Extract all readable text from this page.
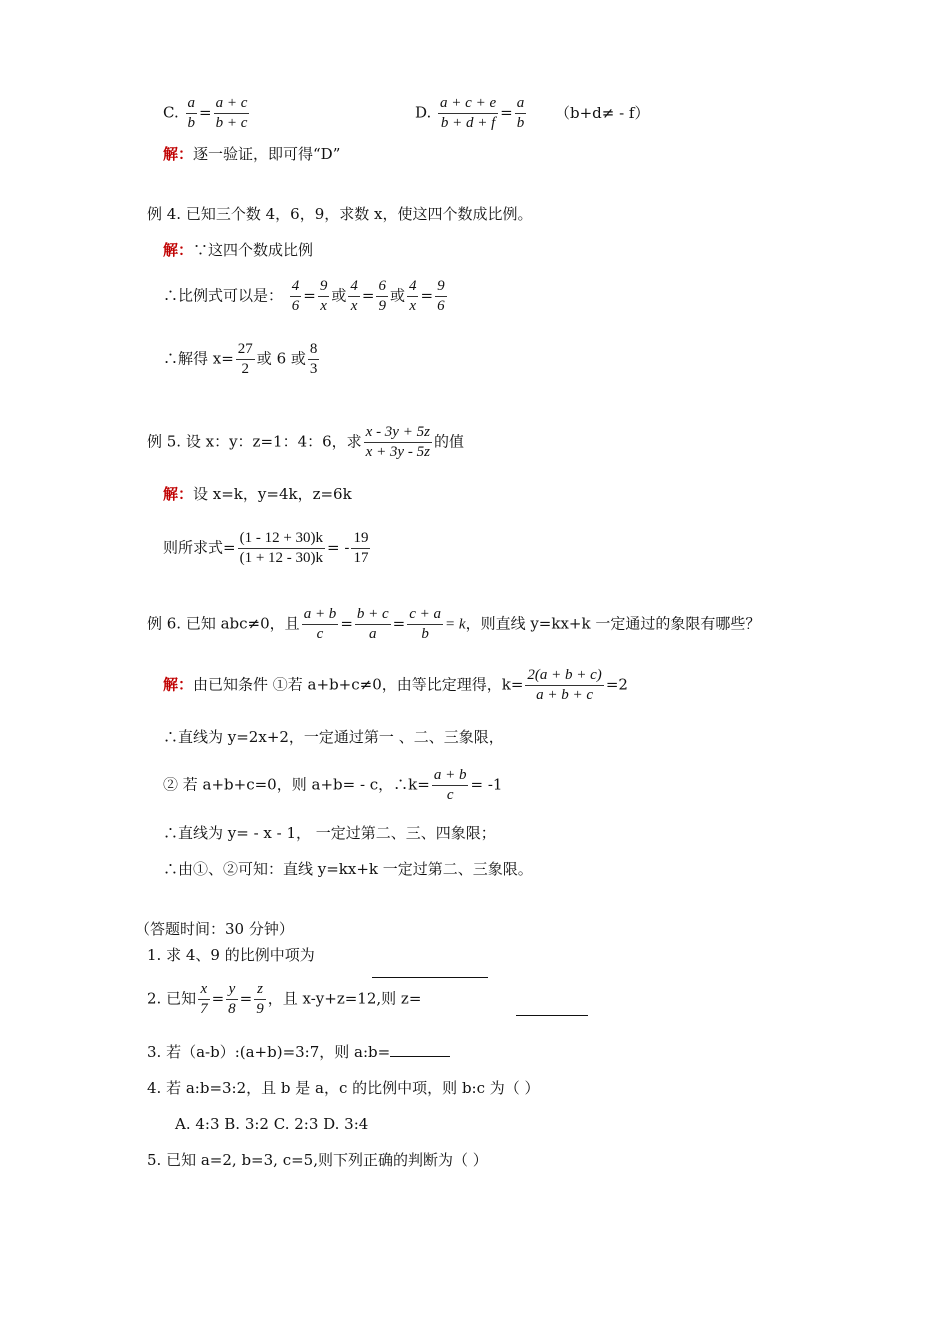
C. $\frac{a}{b} = \frac{a + c}{b + c}$	D. $\frac{a + c + e}{b + d + f} = \frac{a}{b} (b+d\ne - f)$
解：逐一验证，即可得“D”
例 4. 已知三个数 4，6，9，求数 x，使这四个数成比例。
解：∵这四个数成比例
∴比例式可以是： $\frac{4}{6} = \frac{9}{x}$ 或 $\frac{4}{x} = \frac{6}{9}$ 或 $\frac{4}{x} = \frac{9}{6}$
∴解得 $x= \frac{27}{2}$ 或 6 或 $\frac{8}{3}$
例 5. 设 x：y：z=1：4：6，求 $\frac{x - 3y + 5z}{x + 3y - 5z}$ 的值
解：设 x=k，y=4k，z=6k
则所求式= $\frac{(1 - 12 + 30)k}{(1 + 12 - 30)k}$ = - $\frac{19}{17}$
例 6. 已知 abc≠0，且 $\frac{a + b}{c} = \frac{b + c}{a} = \frac{c + a}{b} = k$，则直线 y=kx+k 一定通过的象限有哪些？
解：由已知条件 ①若 a+b+c≠0，由等比定理得，$k= \frac{2(a + b + c)}{a + b + c} =2$
∴直线为 y=2x+2，一定通过第一 、二、三象限，
② 若 a+b+c=0，则 a+b= - c，∴k= $\frac{a + b}{c} = -1$
∴直线为 y= - x - 1， 一定过第二、三、四象限；
∴由①、②可知：直线 y=kx+k 一定过第二、三象限。
（答题时间：30 分钟）
1. 求 4、9 的比例中项为
2. 已知 $\frac{x}{7} = \frac{y}{8} = \frac{z}{9}$ ，且 x-y+z=12,则 z=
3. 若（a-b）:(a+b)=3:7，则 a:b=
4. 若 a:b=3:2，且 b 是 a，c 的比例中项，则 b:c 为（ ）
A. 4:3 B. 3:2 C. 2:3 D. 3:4
5. 已知 a=2, b=3, c=5,则下列正确的判断为（ ）
